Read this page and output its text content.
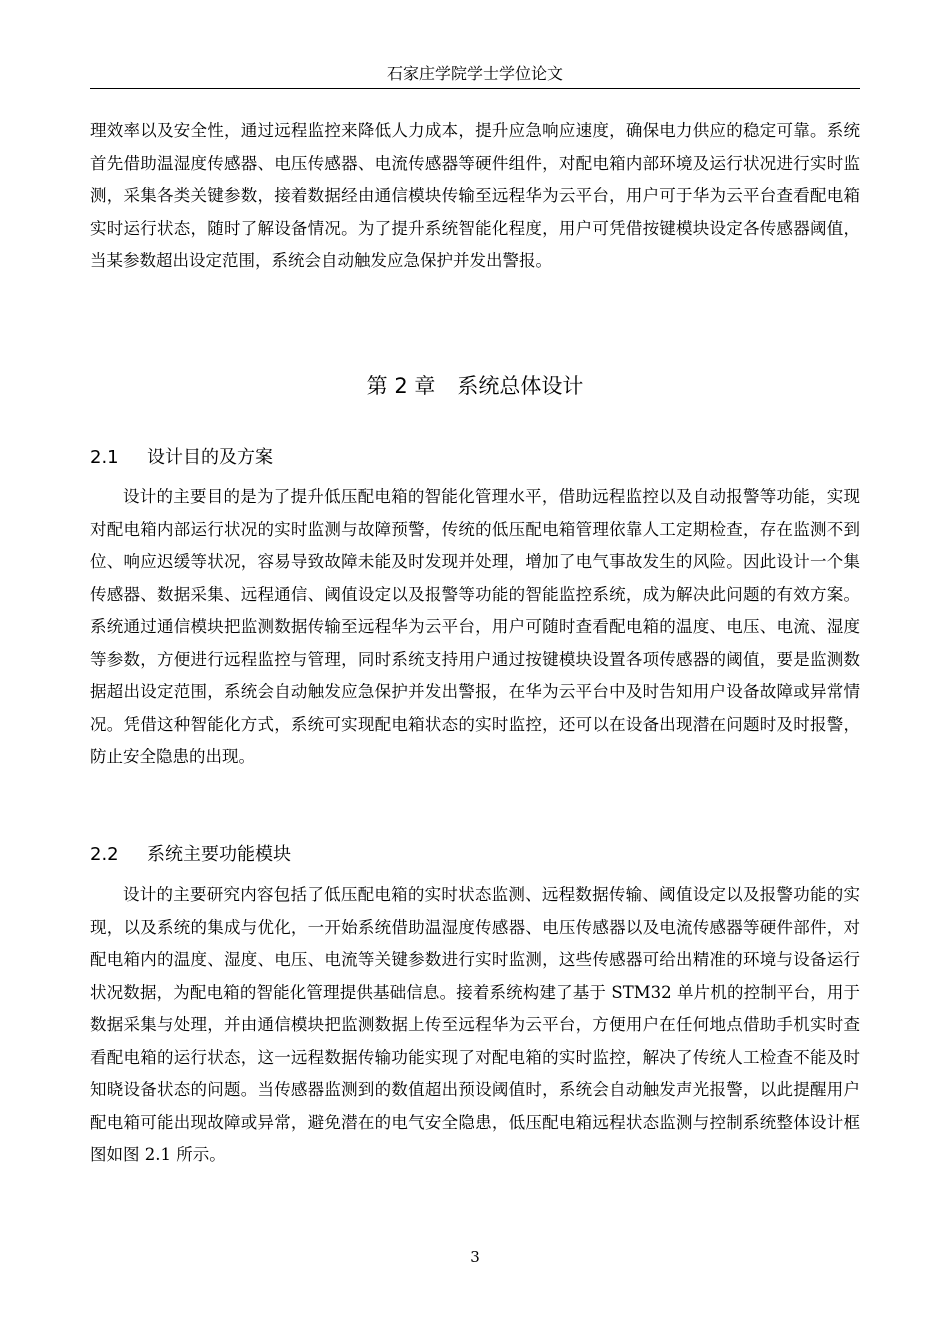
石家庄学院学士学位论文

理效率以及安全性，通过远程监控来降低人力成本，提升应急响应速度，确保电力供应的稳定可靠。系统首先借助温湿度传感器、电压传感器、电流传感器等硬件组件，对配电箱内部环境及运行状况进行实时监测，采集各类关键参数，接着数据经由通信模块传输至远程华为云平台，用户可于华为云平台查看配电箱实时运行状态，随时了解设备情况。为了提升系统智能化程度，用户可凭借按键模块设定各传感器阈值，当某参数超出设定范围，系统会自动触发应急保护并发出警报。

第 2 章 系统总体设计
2.1 设计目的及方案

设计的主要目的是为了提升低压配电箱的智能化管理水平，借助远程监控以及自动报警等功能，实现对配电箱内部运行状况的实时监测与故障预警，传统的低压配电箱管理依靠人工定期检查，存在监测不到位、响应迟缓等状况，容易导致故障未能及时发现并处理，增加了电气事故发生的风险。因此设计一个集传感器、数据采集、远程通信、阈值设定以及报警等功能的智能监控系统，成为解决此问题的有效方案。系统通过通信模块把监测数据传输至远程华为云平台，用户可随时查看配电箱的温度、电压、电流、湿度等参数，方便进行远程监控与管理，同时系统支持用户通过按键模块设置各项传感器的阈值，要是监测数据超出设定范围，系统会自动触发应急保护并发出警报，在华为云平台中及时告知用户设备故障或异常情况。凭借这种智能化方式，系统可实现配电箱状态的实时监控，还可以在设备出现潜在问题时及时报警，防止安全隐患的出现。

2.2 系统主要功能模块

设计的主要研究内容包括了低压配电箱的实时状态监测、远程数据传输、阈值设定以及报警功能的实现，以及系统的集成与优化，一开始系统借助温湿度传感器、电压传感器以及电流传感器等硬件部件，对配电箱内的温度、湿度、电压、电流等关键参数进行实时监测，这些传感器可给出精准的环境与设备运行状况数据，为配电箱的智能化管理提供基础信息。接着系统构建了基于 STM32 单片机的控制平台，用于数据采集与处理，并由通信模块把监测数据上传至远程华为云平台，方便用户在任何地点借助手机实时查看配电箱的运行状态，这一远程数据传输功能实现了对配电箱的实时监控，解决了传统人工检查不能及时知晓设备状态的问题。当传感器监测到的数值超出预设阈值时，系统会自动触发声光报警，以此提醒用户配电箱可能出现故障或异常，避免潜在的电气安全隐患，低压配电箱远程状态监测与控制系统整体设计框图如图 2.1 所示。

3
